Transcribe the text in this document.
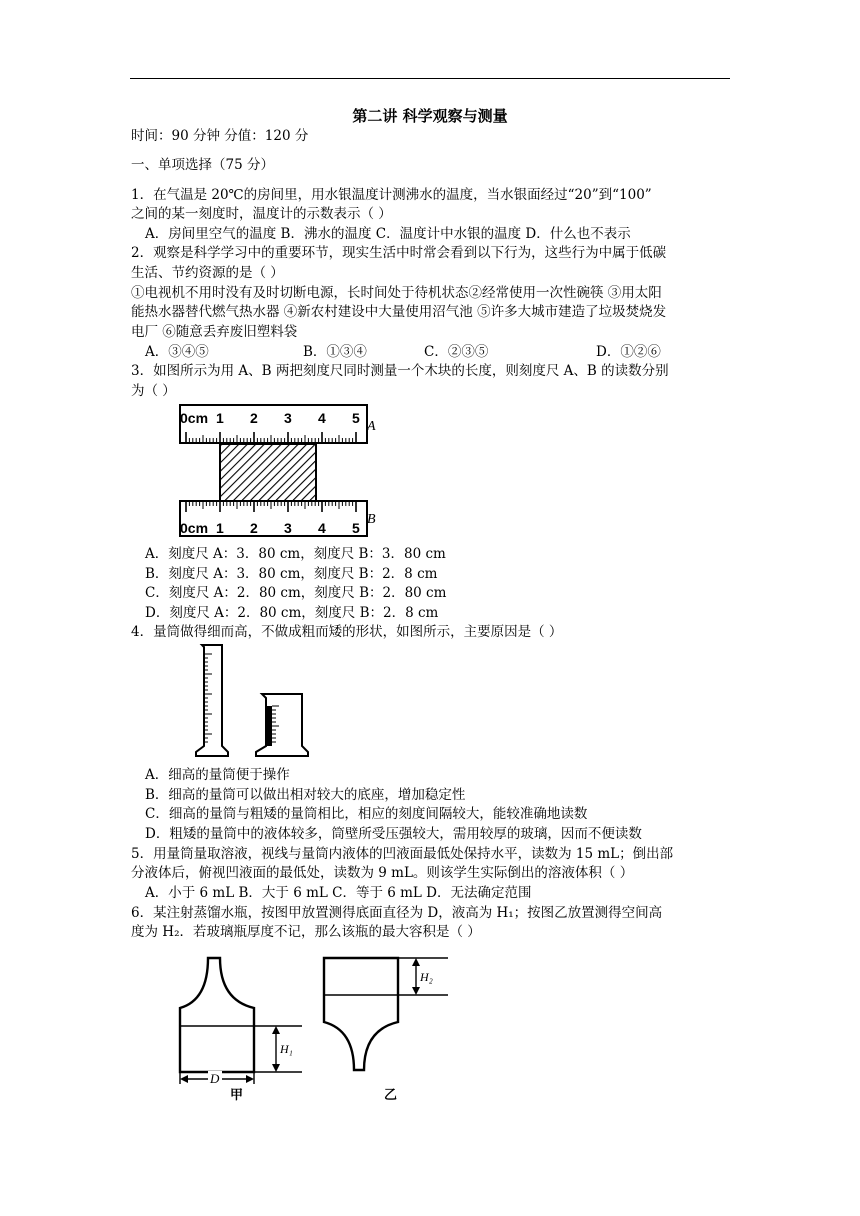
第二讲 科学观察与测量
时间：90 分钟 分值：120 分
一、单项选择（75 分）
1．在气温是 20℃的房间里，用水银温度计测沸水的温度，当水银面经过“20”到“100”
之间的某一刻度时，温度计的示数表示（ ）
A．房间里空气的温度 B．沸水的温度 C．温度计中水银的温度 D．什么也不表示
2．观察是科学学习中的重要环节，现实生活中时常会看到以下行为，这些行为中属于低碳
生活、节约资源的是（ ）
①电视机不用时没有及时切断电源，长时间处于待机状态②经常使用一次性碗筷 ③用太阳
能热水器替代燃气热水器 ④新农村建设中大量使用沼气池 ⑤许多大城市建造了垃圾焚烧发
电厂 ⑥随意丢弃废旧塑料袋
A．③④⑤	B．①③④	C．②③⑤	D．①②⑥
3．如图所示为用 A、B 两把刻度尺同时测量一个木块的长度，则刻度尺 A、B 的读数分别
为（ ）
0cm 1 2 3 4 5
A
0cm 1 2 3 4 5
B
A．刻度尺 A：3．80 cm，刻度尺 B：3．80 cm
B．刻度尺 A：3．80 cm，刻度尺 B：2．8 cm
C．刻度尺 A：2．80 cm，刻度尺 B：2．80 cm
D．刻度尺 A：2．80 cm，刻度尺 B：2．8 cm
4．量筒做得细而高，不做成粗而矮的形状，如图所示，主要原因是（ ）
A．细高的量筒便于操作
B．细高的量筒可以做出相对较大的底座，增加稳定性
C．细高的量筒与粗矮的量筒相比，相应的刻度间隔较大，能较准确地读数
D．粗矮的量筒中的液体较多，筒壁所受压强较大，需用较厚的玻璃，因而不便读数
5．用量筒量取溶液，视线与量筒内液体的凹液面最低处保持水平，读数为 15 mL；倒出部
分液体后，俯视凹液面的最低处，读数为 9 mL。则该学生实际倒出的溶液体积（ ）
A．小于 6 mL B．大于 6 mL C．等于 6 mL D．无法确定范围
6．某注射蒸馏水瓶，按图甲放置测得底面直径为 D，液高为 H₁；按图乙放置测得空间高
度为 H₂．若玻璃瓶厚度不记，那么该瓶的最大容积是（ ）
H₁
D
甲
H₂
乙
